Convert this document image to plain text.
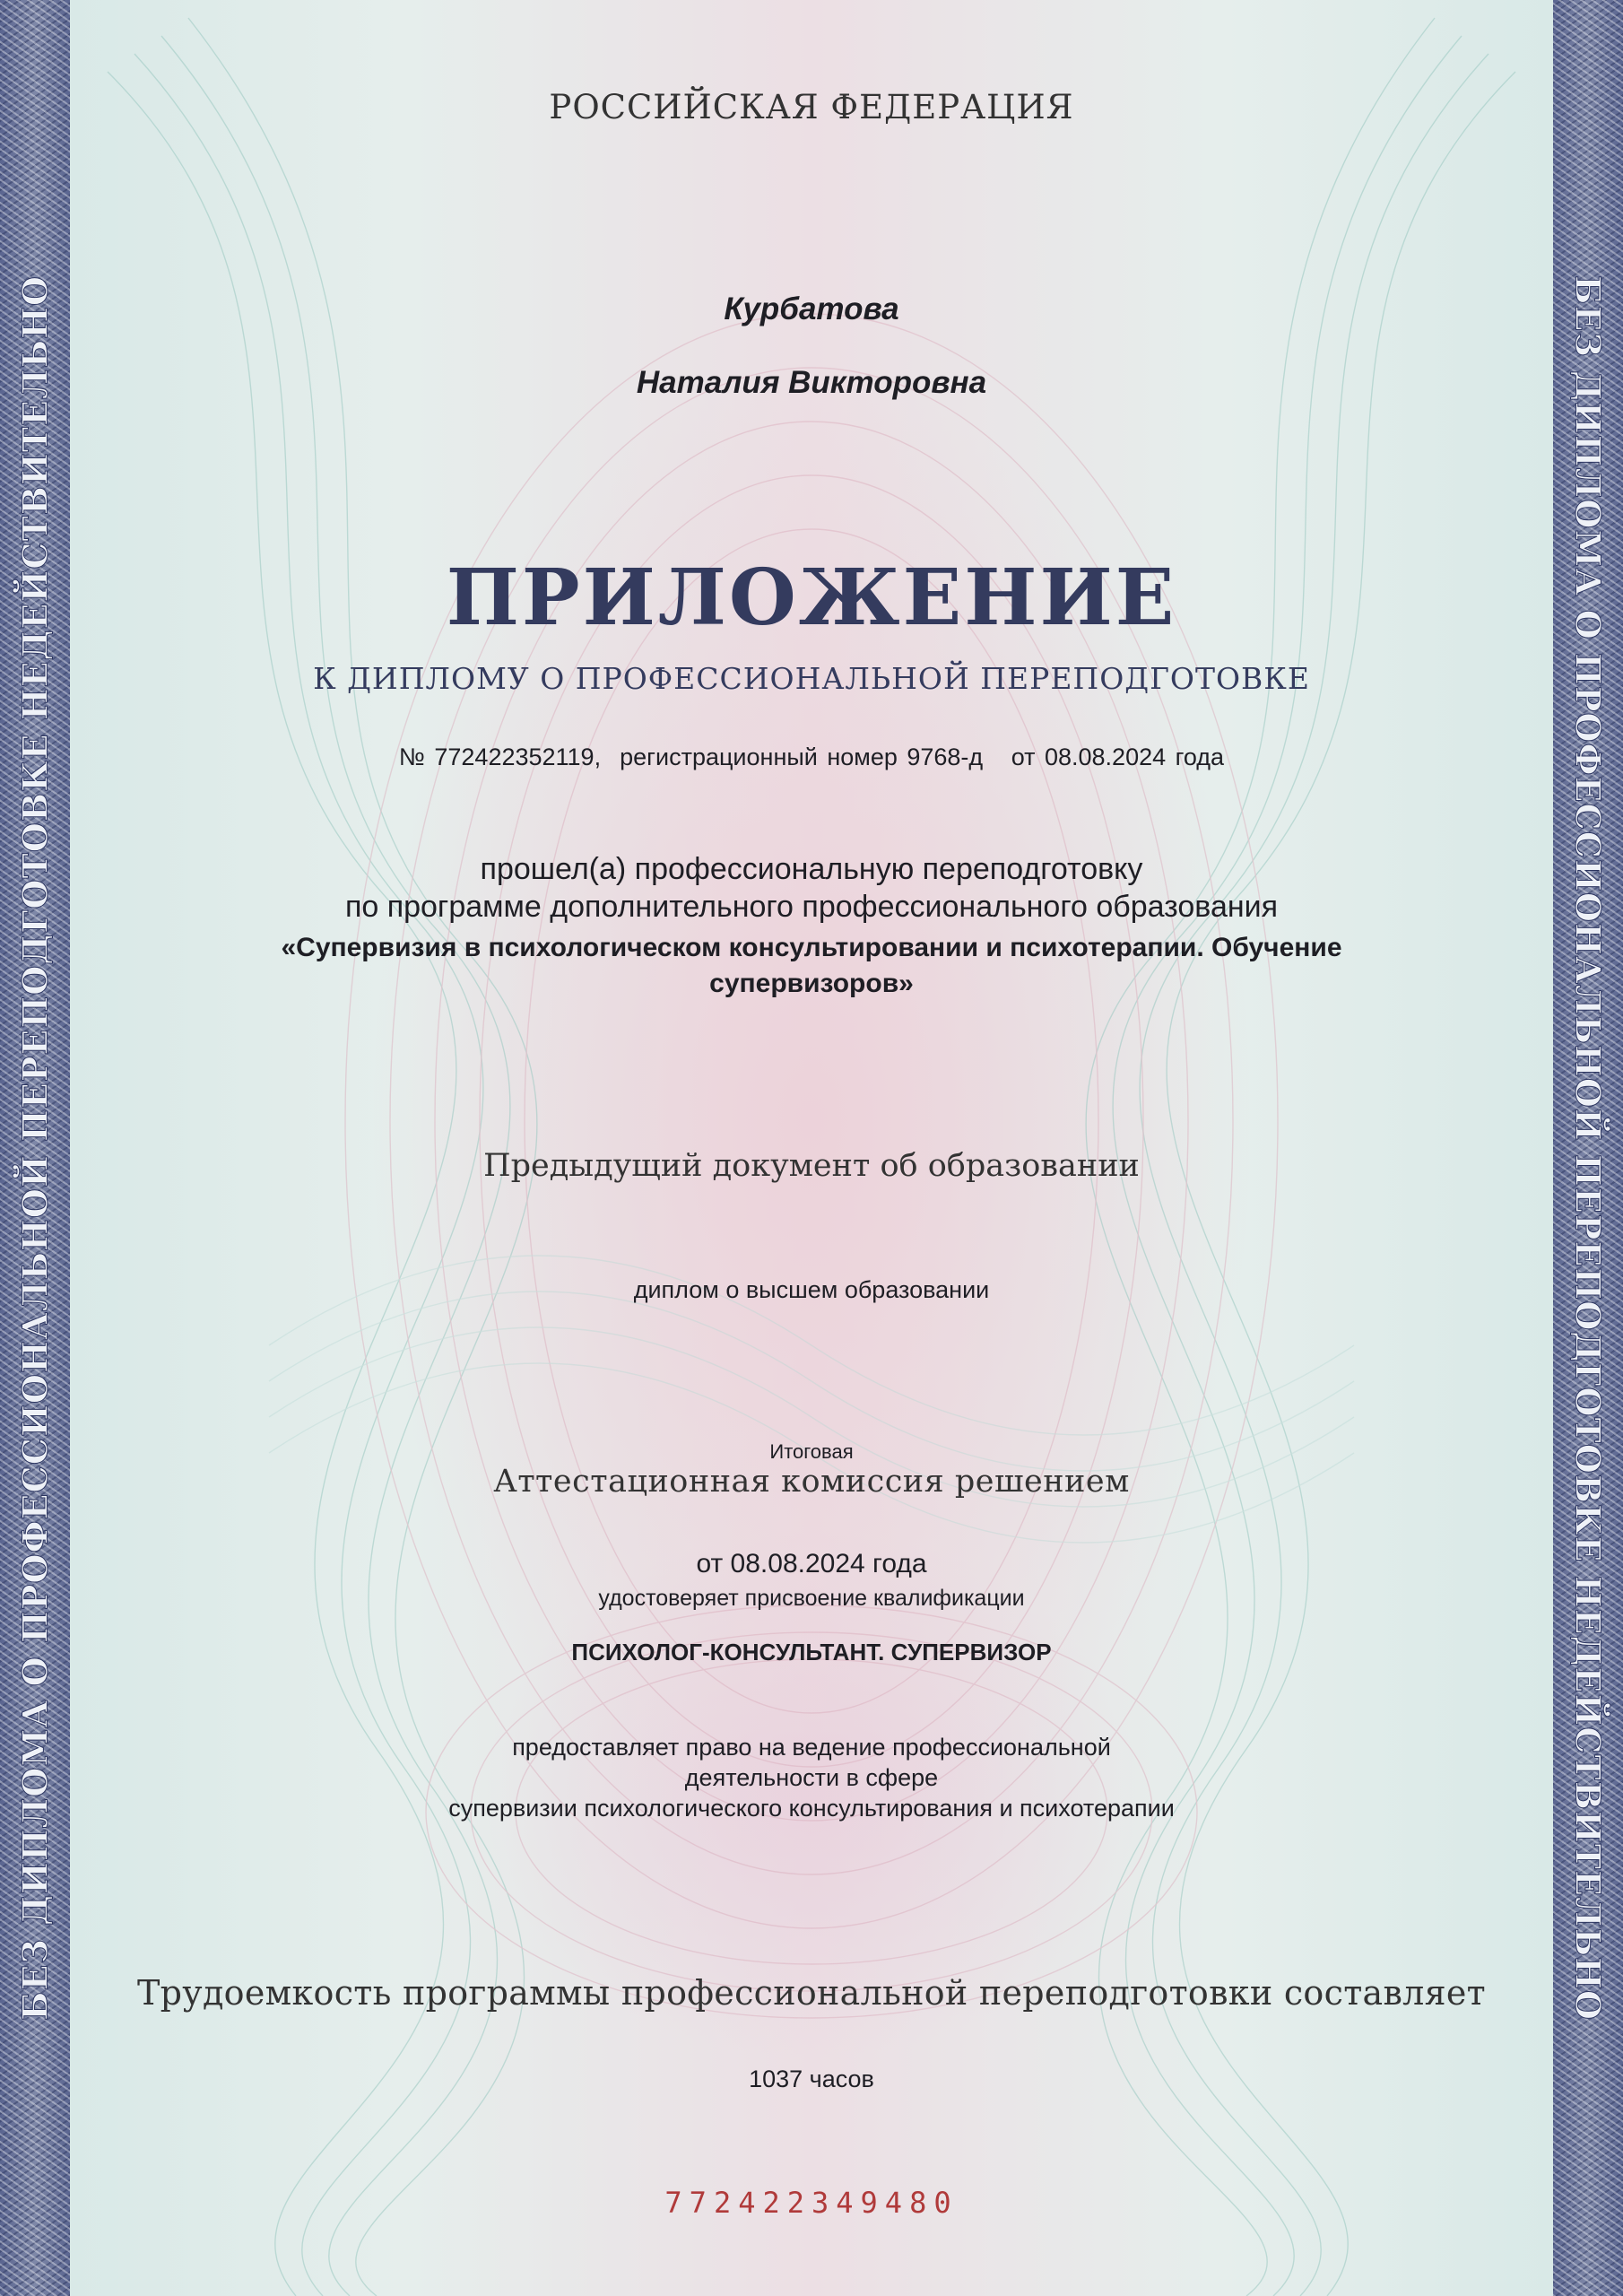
БЕЗ ДИПЛОМА О ПРОФЕССИОНАЛЬНОЙ ПЕРЕПОДГОТОВКЕ НЕДЕЙСТВИТЕЛЬНО	БЕЗ ДИПЛОМА О ПРОФЕССИОНАЛЬНОЙ ПЕРЕПОДГОТОВКЕ НЕДЕЙСТВИТЕЛЬНО
РОССИЙСКАЯ ФЕДЕРАЦИЯ
Курбатова
Наталия Викторовна
ПРИЛОЖЕНИЕ
К ДИПЛОМУ О ПРОФЕССИОНАЛЬНОЙ ПЕРЕПОДГОТОВКЕ
№ 772422352119, регистрационный номер 9768-д от 08.08.2024 года
прошел(а) профессиональную переподготовку
по программе дополнительного профессионального образования
«Супервизия в психологическом консультировании и психотерапии. Обучение супервизоров»
Предыдущий документ об образовании
диплом о высшем образовании
Итоговая
Аттестационная комиссия решением
от 08.08.2024 года
удостоверяет присвоение квалификации
ПСИХОЛОГ-КОНСУЛЬТАНТ. СУПЕРВИЗОР
предоставляет право на ведение профессиональной
деятельности в сфере
супервизии психологического консультирования и психотерапии
Трудоемкость программы профессиональной переподготовки составляет
1037 часов
772422349480
